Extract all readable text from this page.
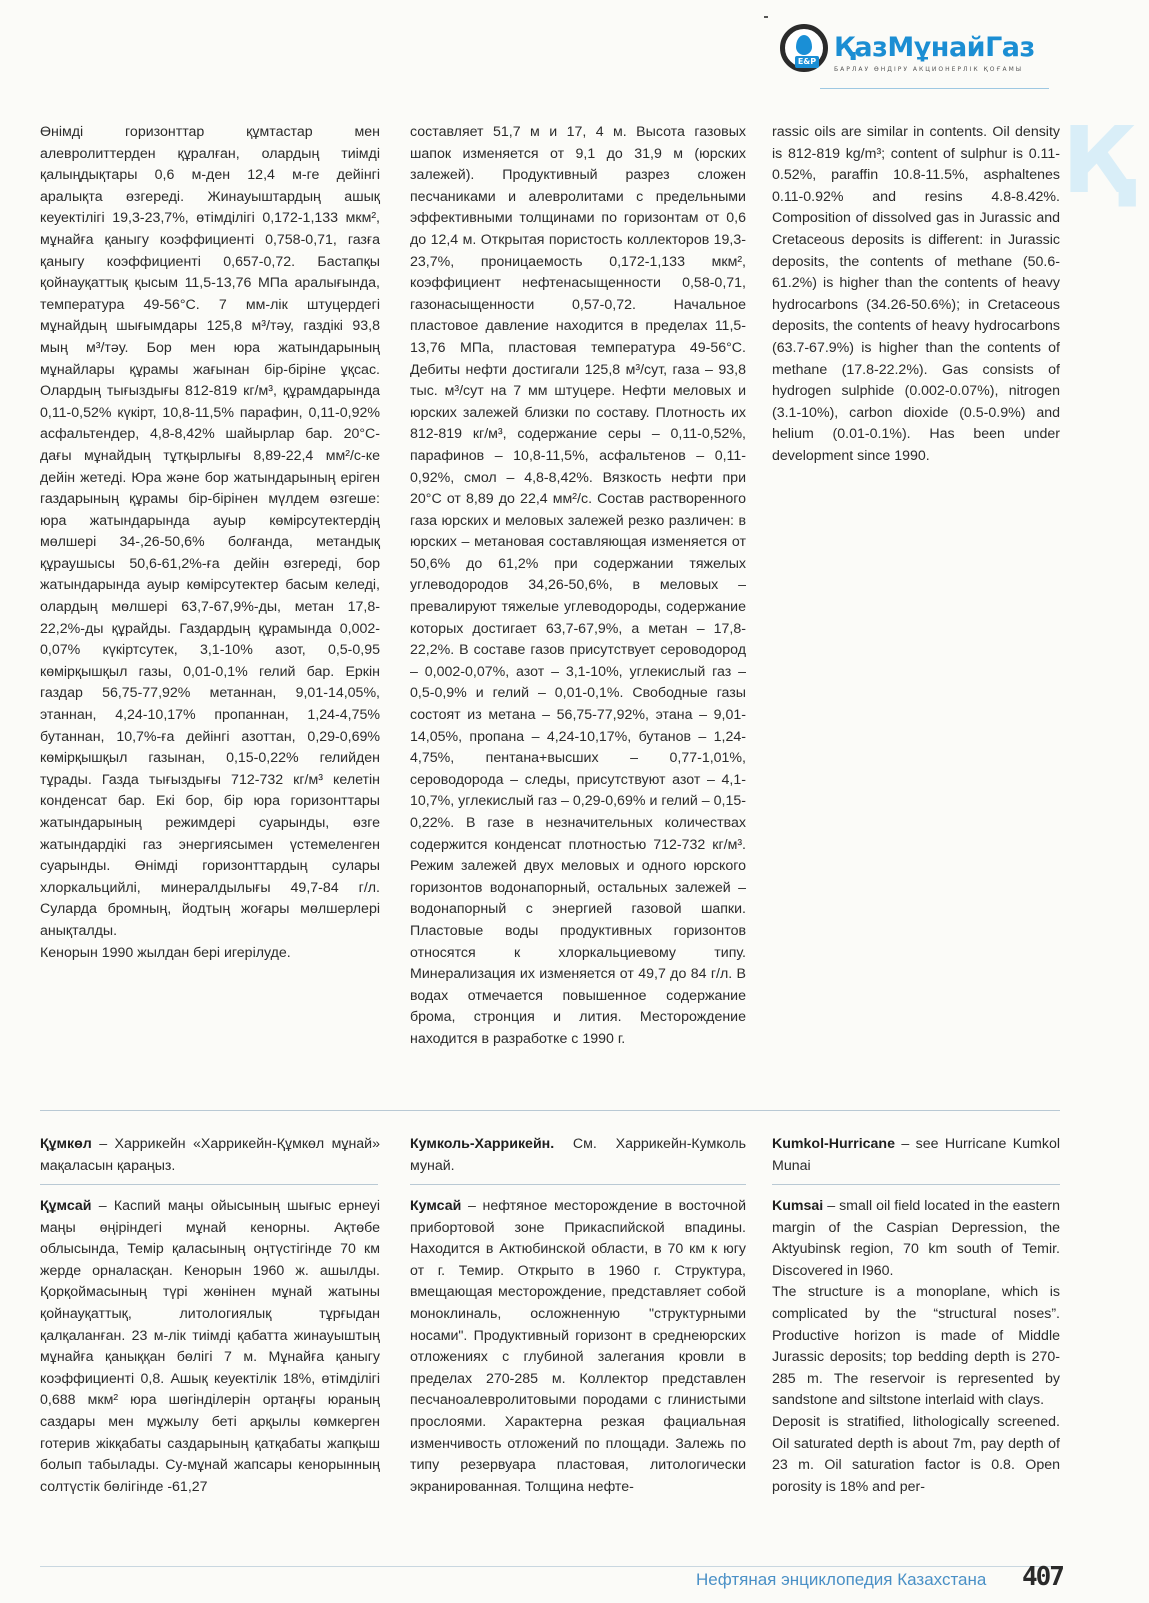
E&P ҚазМұнайГаз
БАРЛАУ ӨНДІРУ АКЦИОНЕРЛІК ҚОҒАМЫ
Қ

Өнімді горизонттар құмтастар мен алевролиттерден құралған, олардың тиімді қалыңдықтары 0,6 м-ден 12,4 м-ге дейінгі аралықта өзгереді. Жинауыштардың ашық кеуектілігі 19,3-23,7%, өтімділігі 0,172-1,133 мкм², мұнайға қаныгу коэффициенті 0,758-0,71, газға қаныгу коэффициенті 0,657-0,72. Бастапқы қойнауқаттық қысым 11,5-13,76 МПа аралығында, температура 49-56°С. 7 мм-лік штуцердегі мұнайдың шығымдары 125,8 м³/тәу, газдікі 93,8 мың м³/тәу. Бор мен юра жатындарының мұнайлары құрамы жағынан бір-біріне ұқсас. Олардың тығыздығы 812-819 кг/м³, құрамдарында 0,11-0,52% күкірт, 10,8-11,5% парафин, 0,11-0,92% асфальтендер, 4,8-8,42% шайырлар бар. 20°С-дағы мұнайдың тұтқырлығы 8,89-22,4 мм²/с-ке дейін жетеді. Юра және бор жатындарының еріген газдарының құрамы бір-бірінен мүлдем өзгеше: юра жатындарында ауыр көмірсутектердің мөлшері 34-,26-50,6% болғанда, метандық құраушысы 50,6-61,2%-ға дейін өзгереді, бор жатындарында ауыр көмірсутектер басым келеді, олардың мөлшері 63,7-67,9%-ды, метан 17,8-22,2%-ды құрайды. Газдардың құрамында 0,002-0,07% күкіртсутек, 3,1-10% азот, 0,5-0,95 көмірқышқыл газы, 0,01-0,1% гелий бар. Еркін газдар 56,75-77,92% метаннан, 9,01-14,05%, этаннан, 4,24-10,17% пропаннан, 1,24-4,75% бутаннан, 10,7%-ға дейінгі азоттан, 0,29-0,69% көмірқышқыл газынан, 0,15-0,22% гелийден тұрады. Газда тығыздығы 712-732 кг/м³ келетін конденсат бар. Екі бор, бір юра горизонттары жатындарының режимдері суарынды, өзге жатындардікі газ энергиясымен үстемеленген суарынды. Өнімді горизонттардың сулары хлоркальцийлі, минералдылығы 49,7-84 г/л. Суларда бромның, йодтың жоғары мөлшерлері анықталды.

Кенорын 1990 жылдан бері игерілуде.

составляет 51,7 м и 17, 4 м. Высота газовых шапок изменяется от 9,1 до 31,9 м (юрских залежей). Продуктивный разрез сложен песчаниками и алевролитами с предельными эффективными толщинами по горизонтам от 0,6 до 12,4 м. Открытая пористость коллекторов 19,3-23,7%, проницаемость 0,172-1,133 мкм², коэффициент нефтенасыщенности 0,58-0,71, газонасыщенности 0,57-0,72. Начальное пластовое давление находится в пределах 11,5-13,76 МПа, пластовая температура 49-56°С. Дебиты нефти достигали 125,8 м³/сут, газа – 93,8 тыс. м³/сут на 7 мм штуцере. Нефти меловых и юрских залежей близки по составу. Плотность их 812-819 кг/м³, содержание серы – 0,11-0,52%, парафинов – 10,8-11,5%, асфальтенов – 0,11-0,92%, смол – 4,8-8,42%. Вязкость нефти при 20°С от 8,89 до 22,4 мм²/с. Состав растворенного газа юрских и меловых залежей резко различен: в юрских – метановая составляющая изменяется от 50,6% до 61,2% при содержании тяжелых углеводородов 34,26-50,6%, в меловых – превалируют тяжелые углеводороды, содержание которых достигает 63,7-67,9%, а метан – 17,8-22,2%. В составе газов присутствует сероводород – 0,002-0,07%, азот – 3,1-10%, углекислый газ – 0,5-0,9% и гелий – 0,01-0,1%. Свободные газы состоят из метана – 56,75-77,92%, этана – 9,01-14,05%, пропана – 4,24-10,17%, бутанов – 1,24-4,75%, пентана+высших – 0,77-1,01%, сероводорода – следы, присутствуют азот – 4,1-10,7%, углекислый газ – 0,29-0,69% и гелий – 0,15-0,22%. В газе в незначительных количествах содержится конденсат плотностью 712-732 кг/м³. Режим залежей двух меловых и одного юрского горизонтов водонапорный, остальных залежей – водонапорный с энергией газовой шапки. Пластовые воды продуктивных горизонтов относятся к хлоркальциевому типу. Минерализация их изменяется от 49,7 до 84 г/л. В водах отмечается повышенное содержание брома, стронция и лития. Месторождение находится в разработке с 1990 г.

rassic oils are similar in contents. Oil density is 812-819 kg/m³; content of sulphur is 0.11-0.52%, paraffin 10.8-11.5%, asphaltenes 0.11-0.92% and resins 4.8-8.42%. Composition of dissolved gas in Jurassic and Cretaceous deposits is different: in Jurassic deposits, the contents of methane (50.6-61.2%) is higher than the contents of heavy hydrocarbons (34.26-50.6%); in Cretaceous deposits, the contents of heavy hydrocarbons (63.7-67.9%) is higher than the contents of methane (17.8-22.2%). Gas consists of hydrogen sulphide (0.002-0.07%), nitrogen (3.1-10%), carbon dioxide (0.5-0.9%) and helium (0.01-0.1%). Has been under development since 1990.

Құмкөл – Харрикейн «Харрикейн-Құмкөл мұнай» мақаласын қараңыз.

Кумколь-Харрикейн. См. Харрикейн-Кумколь мунай.

Kumkol-Hurricane – see Hurricane Kumkol Munai

Құмсай – Каспий маңы ойысының шығыс ернеуі маңы өңіріндегі мұнай кенорны. Ақтөбе облысында, Темір қаласының оңтүстігінде 70 км жерде орналасқан. Кенорын 1960 ж. ашылды. Қорқоймасының түрі жөнінен мұнай жатыны қойнауқаттық, литологиялық тұрғыдан қалқаланған. 23 м-лік тиімді қабатта жинауыштың мұнайға қаныққан бөлігі 7 м. Мұнайға қаныгу коэффициенті 0,8. Ашық кеуектілік 18%, өтімділігі 0,688 мкм² юра шөгінділерін ортаңғы юраның саздары мен мұжылу беті арқылы көмкерген готерив жікқабаты саздарының қатқабаты жапқыш болып табылады. Су-мұнай жапсары кенорынның солтүстік бөлігінде -61,27

Кумсай – нефтяное месторождение в восточной прибортовой зоне Прикаспийской впадины. Находится в Актюбинской области, в 70 км к югу от г. Темир. Открыто в 1960 г. Структура, вмещающая месторождение, представляет собой моноклиналь, осложненную "структурными носами". Продуктивный горизонт в среднеюрских отложениях с глубиной залегания кровли в пределах 270-285 м. Коллектор представлен песчаноалевролитовыми породами с глинистыми прослоями. Характерна резкая фациальная изменчивость отложений по площади. Залежь по типу резервуара пластовая, литологически экранированная. Толщина нефте-

Kumsai – small oil field located in the eastern margin of the Caspian Depression, the Aktyubinsk region, 70 km south of Temir. Discovered in I960.

The structure is a monoplane, which is complicated by the “structural noses”. Productive horizon is made of Middle Jurassic deposits; top bedding depth is 270-285 m. The reservoir is represented by sandstone and siltstone interlaid with clays.

Deposit is stratified, lithologically screened. Oil saturated depth is about 7m, pay depth of 23 m. Oil saturation factor is 0.8. Open porosity is 18% and per-

Нефтяная энциклопедия Казахстана 407
